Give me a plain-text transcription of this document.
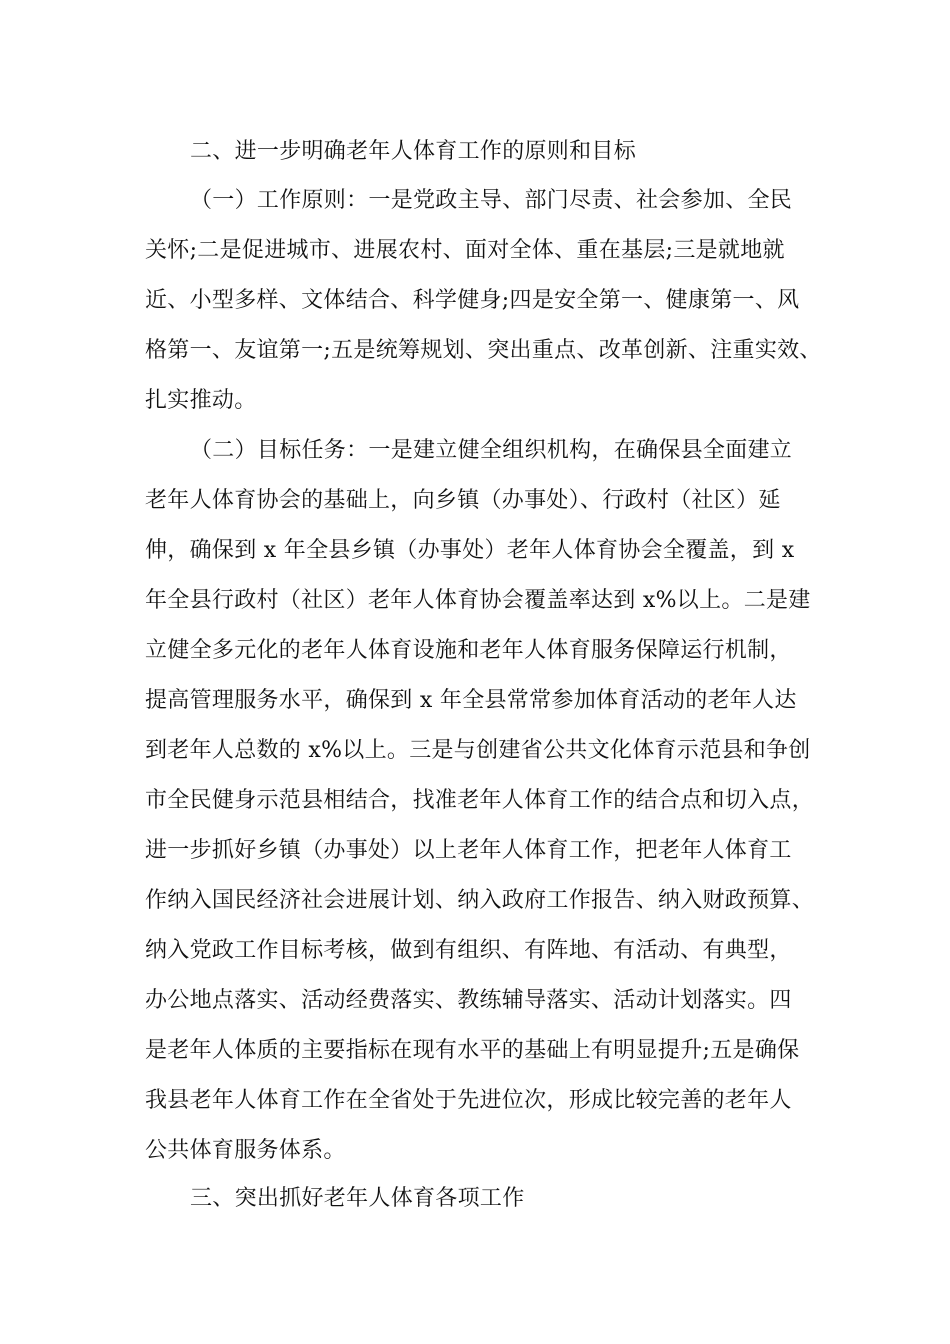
二、进一步明确老年人体育工作的原则和目标

（一）工作原则：一是党政主导、部门尽责、社会参加、全民

关怀;二是促进城市、进展农村、面对全体、重在基层;三是就地就

近、小型多样、文体结合、科学健身;四是安全第一、健康第一、风

格第一、友谊第一;五是统筹规划、突出重点、改革创新、注重实效、

扎实推动。

（二）目标任务：一是建立健全组织机构，在确保县全面建立

老年人体育协会的基础上，向乡镇（办事处）、行政村（社区）延

伸，确保到 x 年全县乡镇（办事处）老年人体育协会全覆盖，到 x

年全县行政村（社区）老年人体育协会覆盖率达到 x%以上。二是建

立健全多元化的老年人体育设施和老年人体育服务保障运行机制，

提高管理服务水平，确保到 x 年全县常常参加体育活动的老年人达

到老年人总数的 x%以上。三是与创建省公共文化体育示范县和争创

市全民健身示范县相结合，找准老年人体育工作的结合点和切入点，

进一步抓好乡镇（办事处）以上老年人体育工作，把老年人体育工

作纳入国民经济社会进展计划、纳入政府工作报告、纳入财政预算、

纳入党政工作目标考核，做到有组织、有阵地、有活动、有典型，

办公地点落实、活动经费落实、教练辅导落实、活动计划落实。四

是老年人体质的主要指标在现有水平的基础上有明显提升;五是确保

我县老年人体育工作在全省处于先进位次，形成比较完善的老年人

公共体育服务体系。

三、突出抓好老年人体育各项工作
